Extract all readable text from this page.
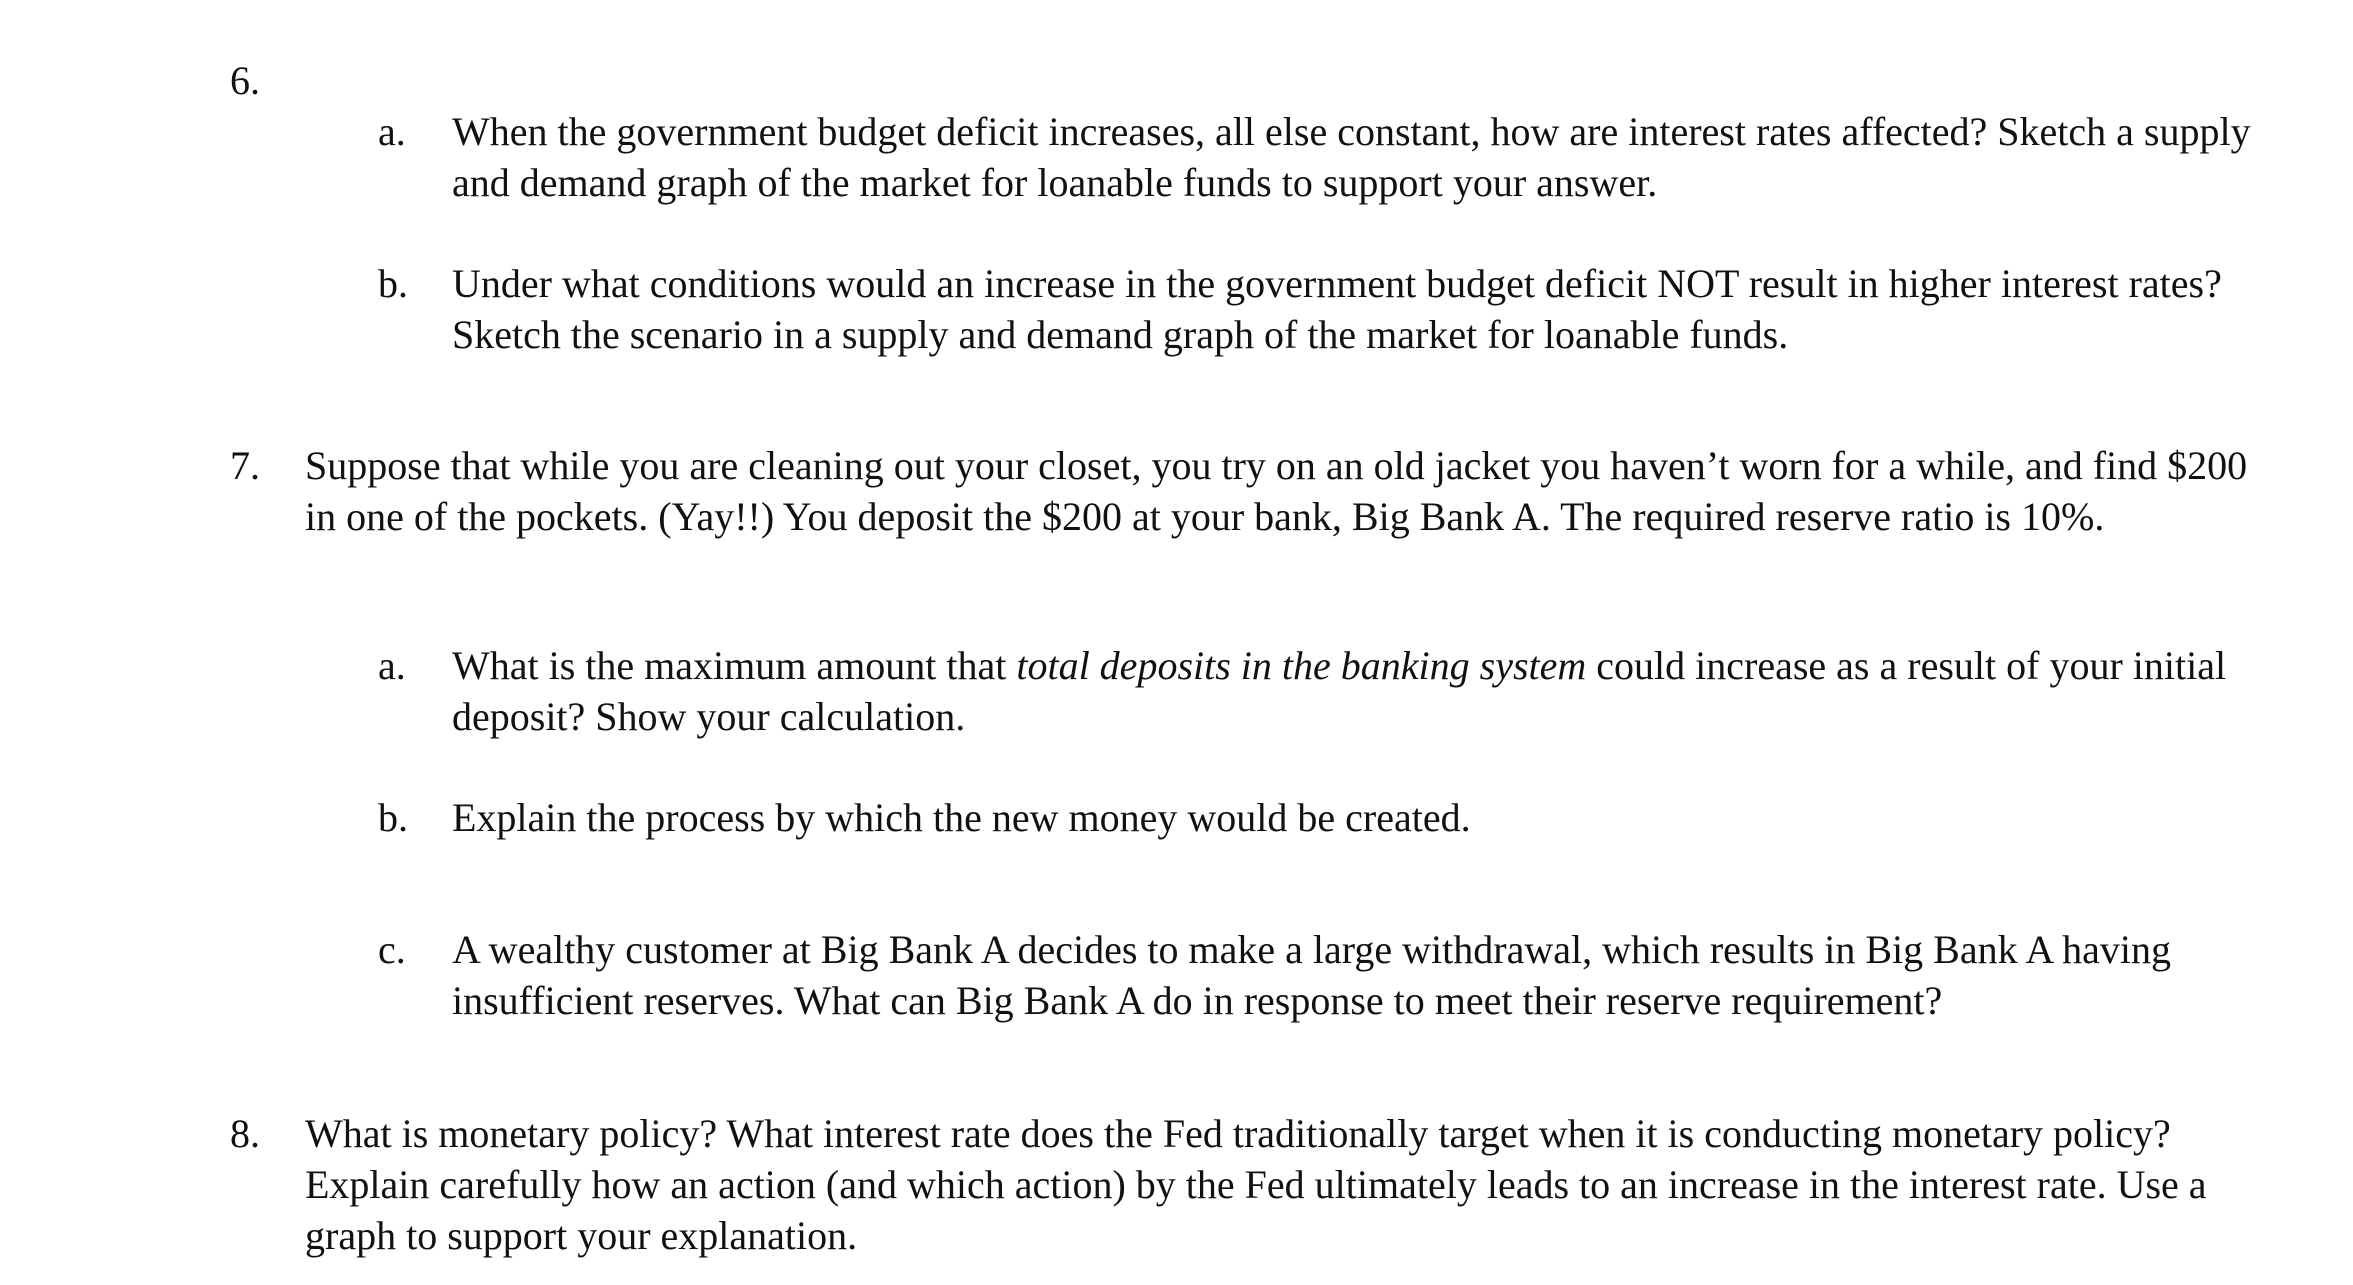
6.
a. When the government budget deficit increases, all else constant, how are interest rates affected? Sketch a supply and demand graph of the market for loanable funds to support your answer.
b. Under what conditions would an increase in the government budget deficit NOT result in higher interest rates? Sketch the scenario in a supply and demand graph of the market for loanable funds.
7. Suppose that while you are cleaning out your closet, you try on an old jacket you haven’t worn for a while, and find $200 in one of the pockets. (Yay!!) You deposit the $200 at your bank, Big Bank A. The required reserve ratio is 10%.
a. What is the maximum amount that total deposits in the banking system could increase as a result of your initial deposit? Show your calculation.
b. Explain the process by which the new money would be created.
c. A wealthy customer at Big Bank A decides to make a large withdrawal, which results in Big Bank A having insufficient reserves. What can Big Bank A do in response to meet their reserve requirement?
8. What is monetary policy? What interest rate does the Fed traditionally target when it is conducting monetary policy? Explain carefully how an action (and which action) by the Fed ultimately leads to an increase in the interest rate. Use a graph to support your explanation.
